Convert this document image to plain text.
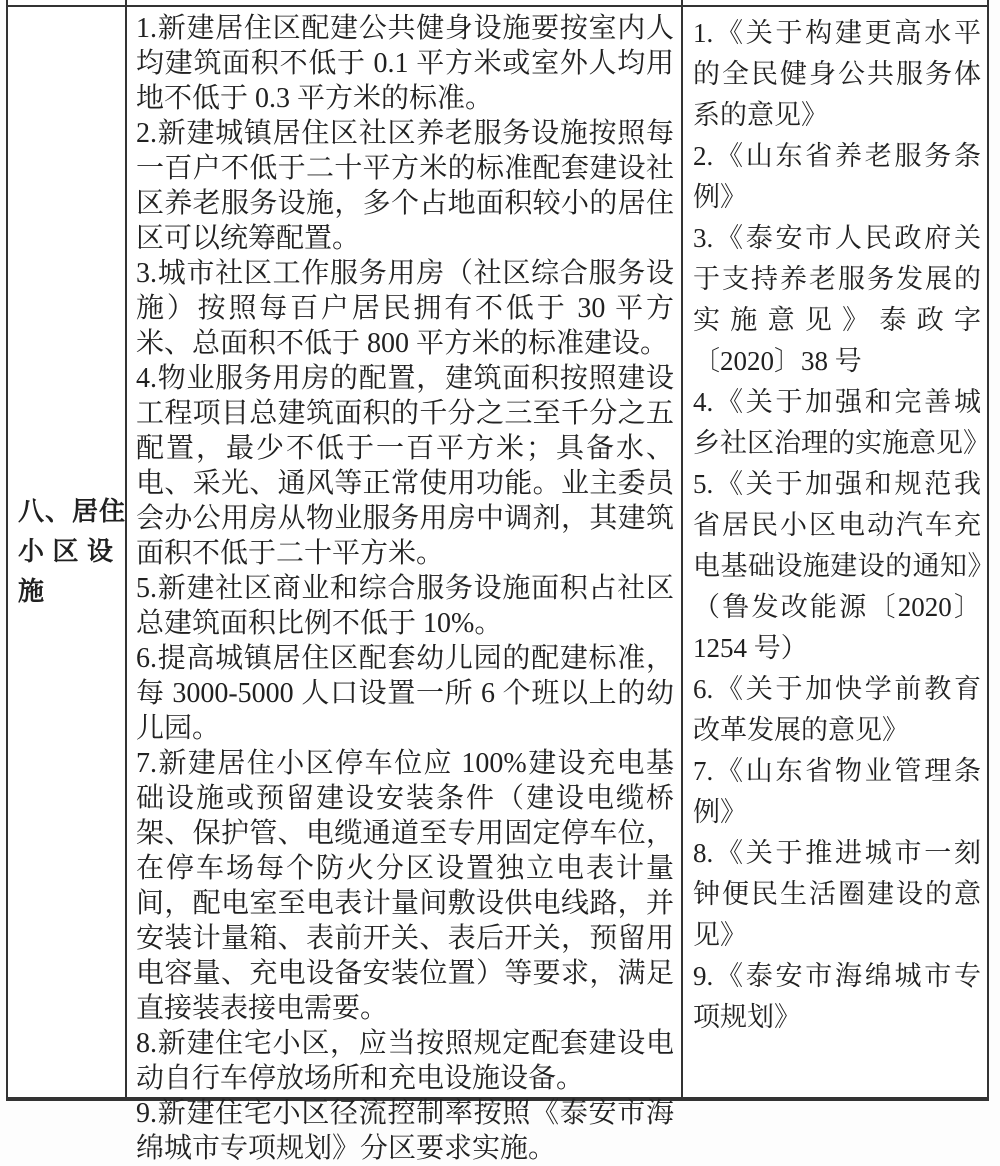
八、居住

小 区 设

施

1.新建居住区配建公共健身设施要按室内人均建筑面积不低于 0.1 平方米或室外人均用地不低于 0.3 平方米的标准。

2.新建城镇居住区社区养老服务设施按照每一百户不低于二十平方米的标准配套建设社区养老服务设施，多个占地面积较小的居住区可以统筹配置。

3.城市社区工作服务用房（社区综合服务设施）按照每百户居民拥有不低于 30 平方米、总面积不低于 800 平方米的标准建设。

4.物业服务用房的配置，建筑面积按照建设工程项目总建筑面积的千分之三至千分之五配置，最少不低于一百平方米；具备水、电、采光、通风等正常使用功能。业主委员会办公用房从物业服务用房中调剂，其建筑面积不低于二十平方米。

5.新建社区商业和综合服务设施面积占社区总建筑面积比例不低于 10%。

6.提高城镇居住区配套幼儿园的配建标准，每 3000-5000 人口设置一所 6 个班以上的幼儿园。

7.新建居住小区停车位应 100%建设充电基础设施或预留建设安装条件（建设电缆桥架、保护管、电缆通道至专用固定停车位，在停车场每个防火分区设置独立电表计量间，配电室至电表计量间敷设供电线路，并安装计量箱、表前开关、表后开关，预留用电容量、充电设备安装位置）等要求，满足直接装表接电需要。

8.新建住宅小区，应当按照规定配套建设电动自行车停放场所和充电设施设备。

9.新建住宅小区径流控制率按照《泰安市海绵城市专项规划》分区要求实施。

1.《关于构建更高水平的全民健身公共服务体系的意见》

2.《山东省养老服务条例》

3.《泰安市人民政府关于支持养老服务发展的实施意见》泰政字〔2020〕38 号

4.《关于加强和完善城乡社区治理的实施意见》

5.《关于加强和规范我省居民小区电动汽车充电基础设施建设的通知》（鲁发改能源〔2020〕1254 号）

6.《关于加快学前教育改革发展的意见》

7.《山东省物业管理条例》

8.《关于推进城市一刻钟便民生活圈建设的意见》

9.《泰安市海绵城市专项规划》
